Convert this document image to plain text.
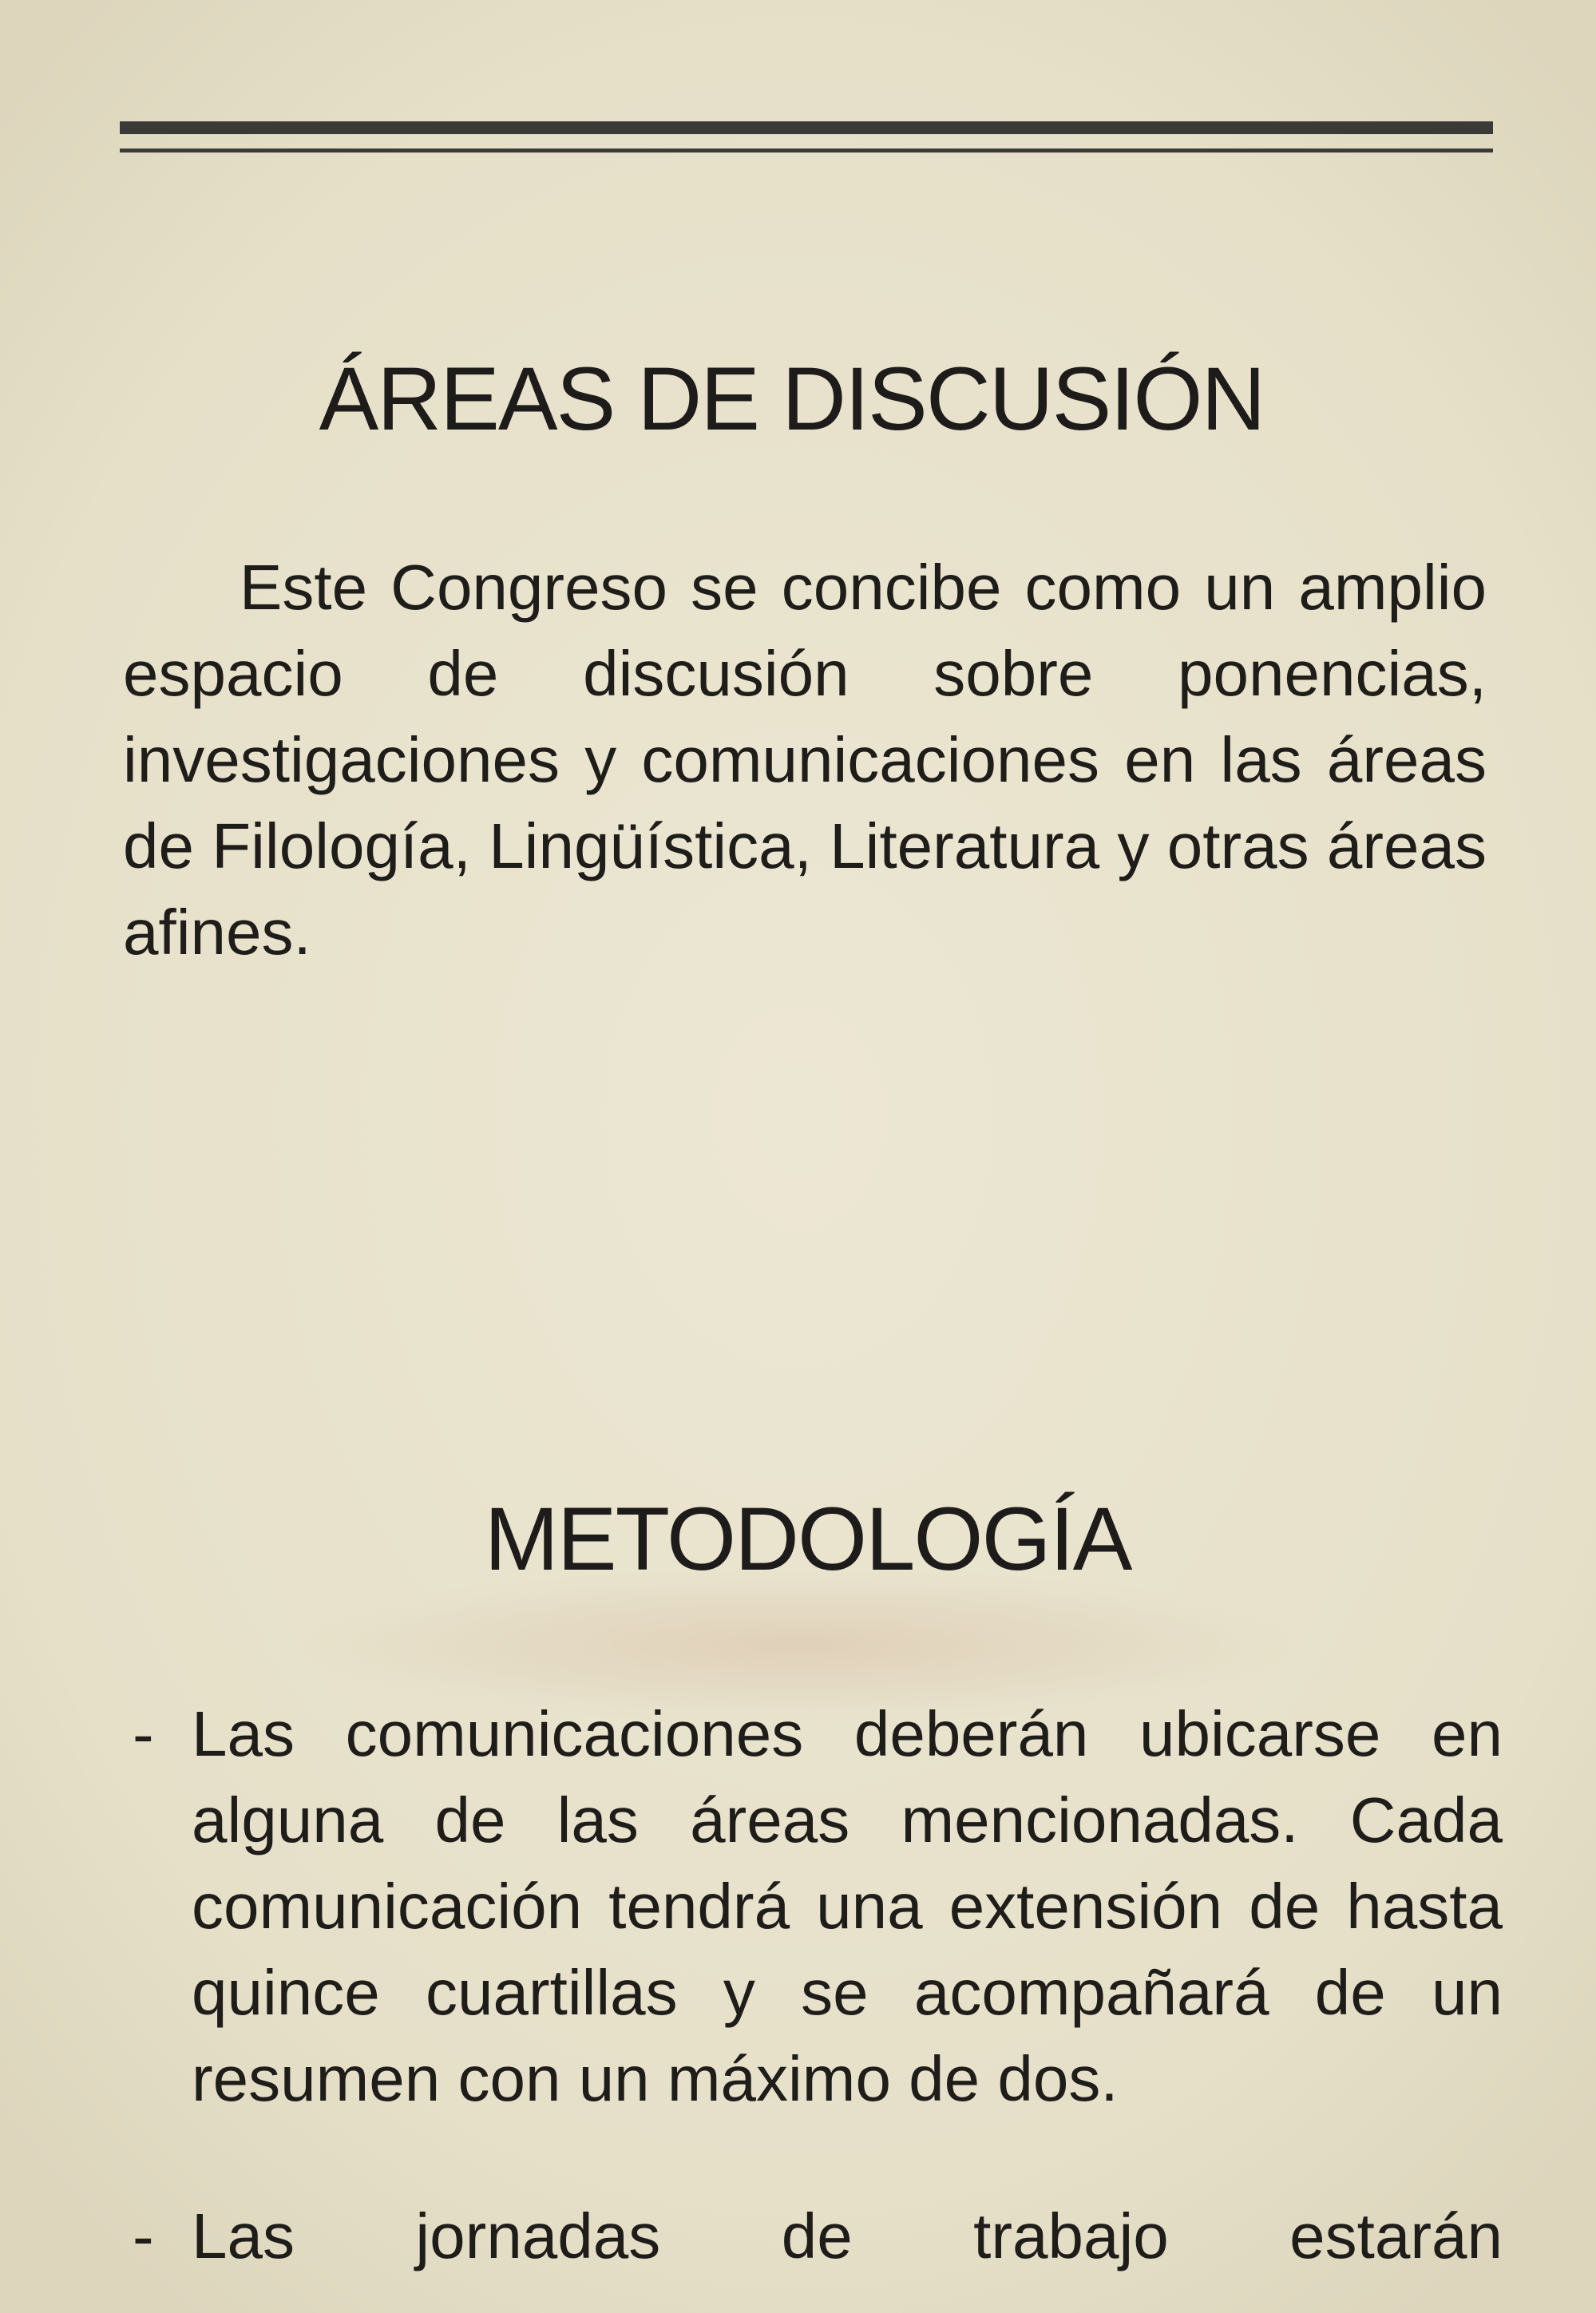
ÁREAS DE DISCUSIÓN

Este Congreso se concibe como un amplio espacio de discusión sobre ponencias, investigaciones y comunicaciones en las áreas de Filología, Lingüística, Literatura y otras áreas afines.

METODOLOGÍA
- Las comunicaciones deberán ubicarse en alguna de las áreas mencionadas. Cada comunicación tendrá una extensión de hasta quince cuartillas y se acompañará de un resumen con un máximo de dos.

- Las jornadas de trabajo estarán
